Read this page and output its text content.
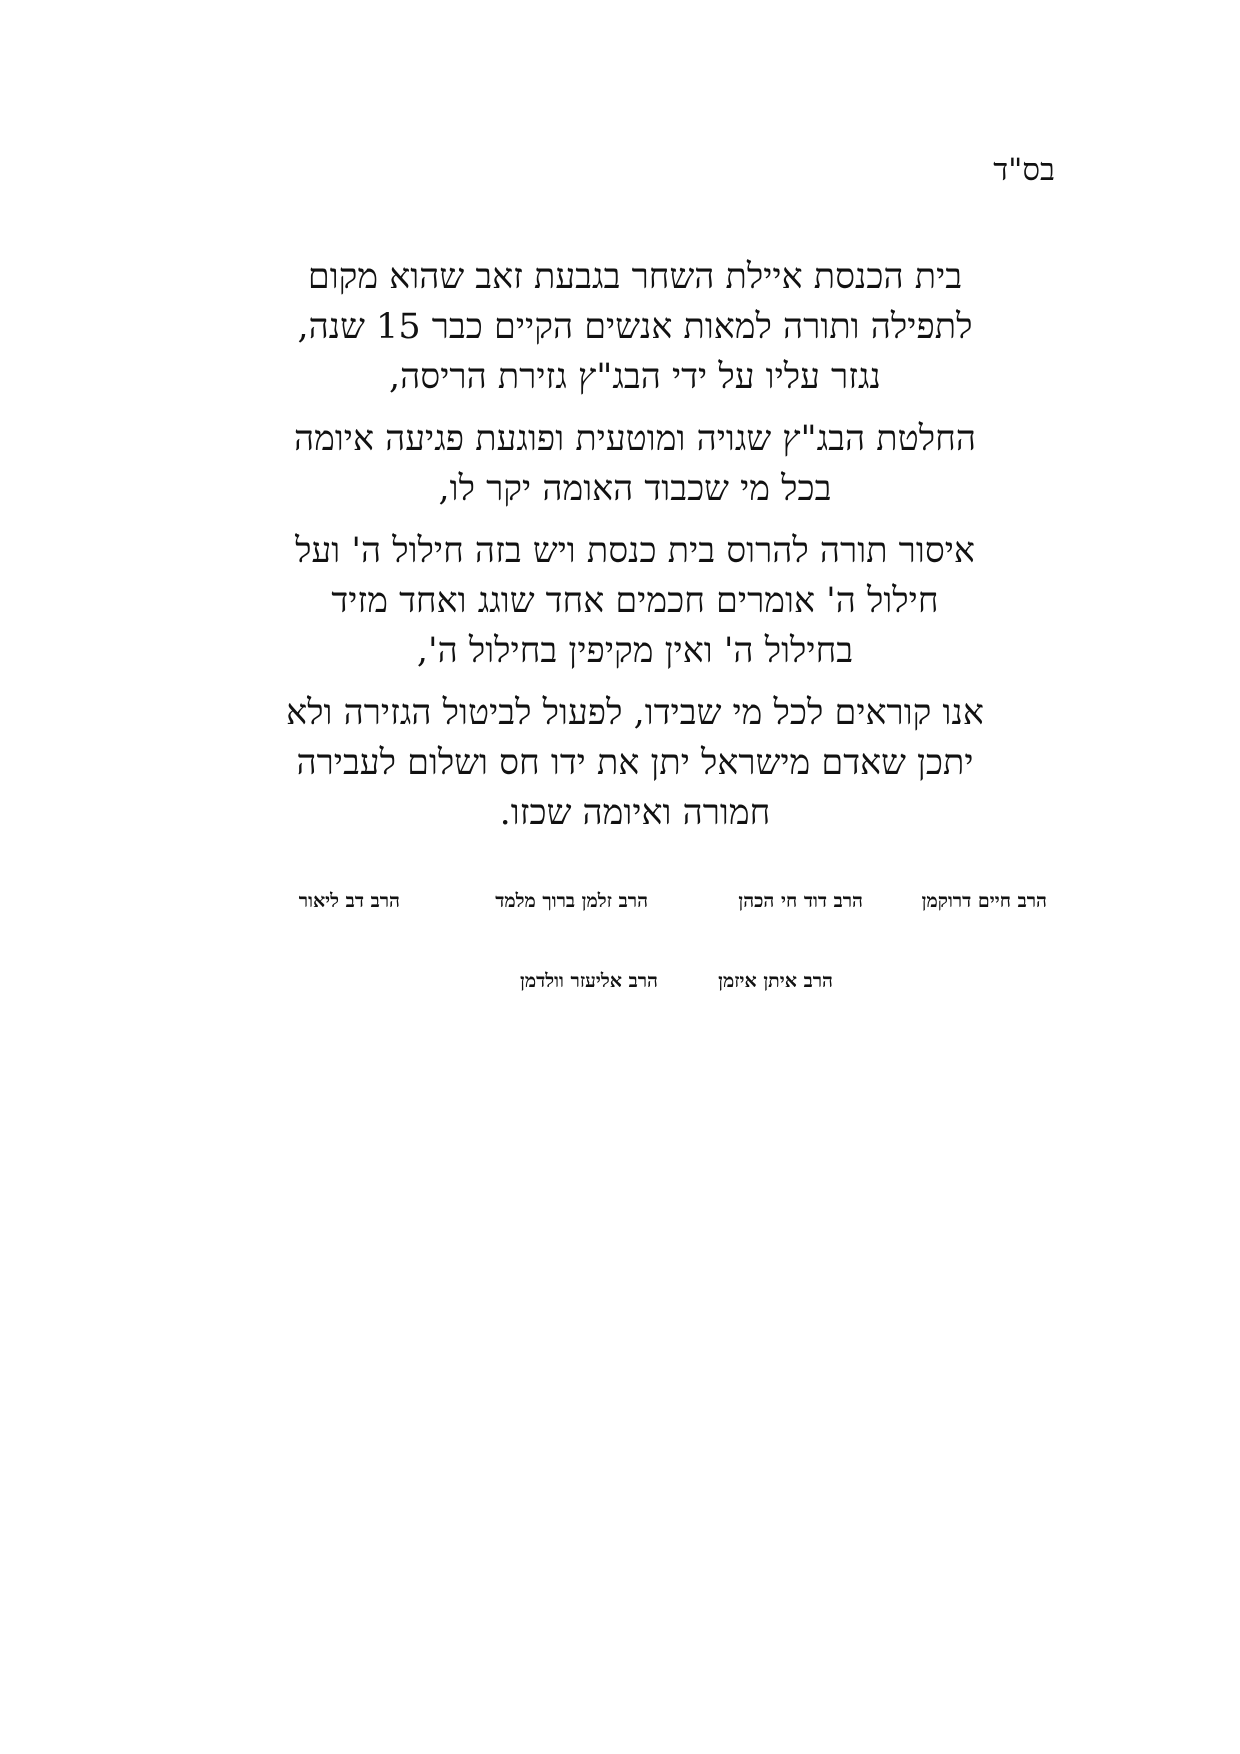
בס"ד

בית הכנסת איילת השחר בגבעת זאב שהוא מקום
לתפילה ותורה למאות אנשים הקיים כבר 15 שנה,
נגזר עליו על ידי הבג"ץ גזירת הריסה,

החלטת הבג"ץ שגויה ומוטעית ופוגעת פגיעה איומה
בכל מי שכבוד האומה יקר לו,

איסור תורה להרוס בית כנסת ויש בזה חילול ה' ועל
חילול ה' אומרים חכמים אחד שוגג ואחד מזיד
בחילול ה' ואין מקיפין בחילול ה',

אנו קוראים לכל מי שבידו, לפעול לביטול הגזירה ולא
יתכן שאדם מישראל יתן את ידו חס ושלום לעבירה
חמורה ואיומה שכזו.

הרב חיים דרוקמן
הרב דוד חי הכהן
הרב זלמן ברוך מלמד
הרב דב ליאור
הרב איתן איזמן
הרב אליעזר וולדמן
